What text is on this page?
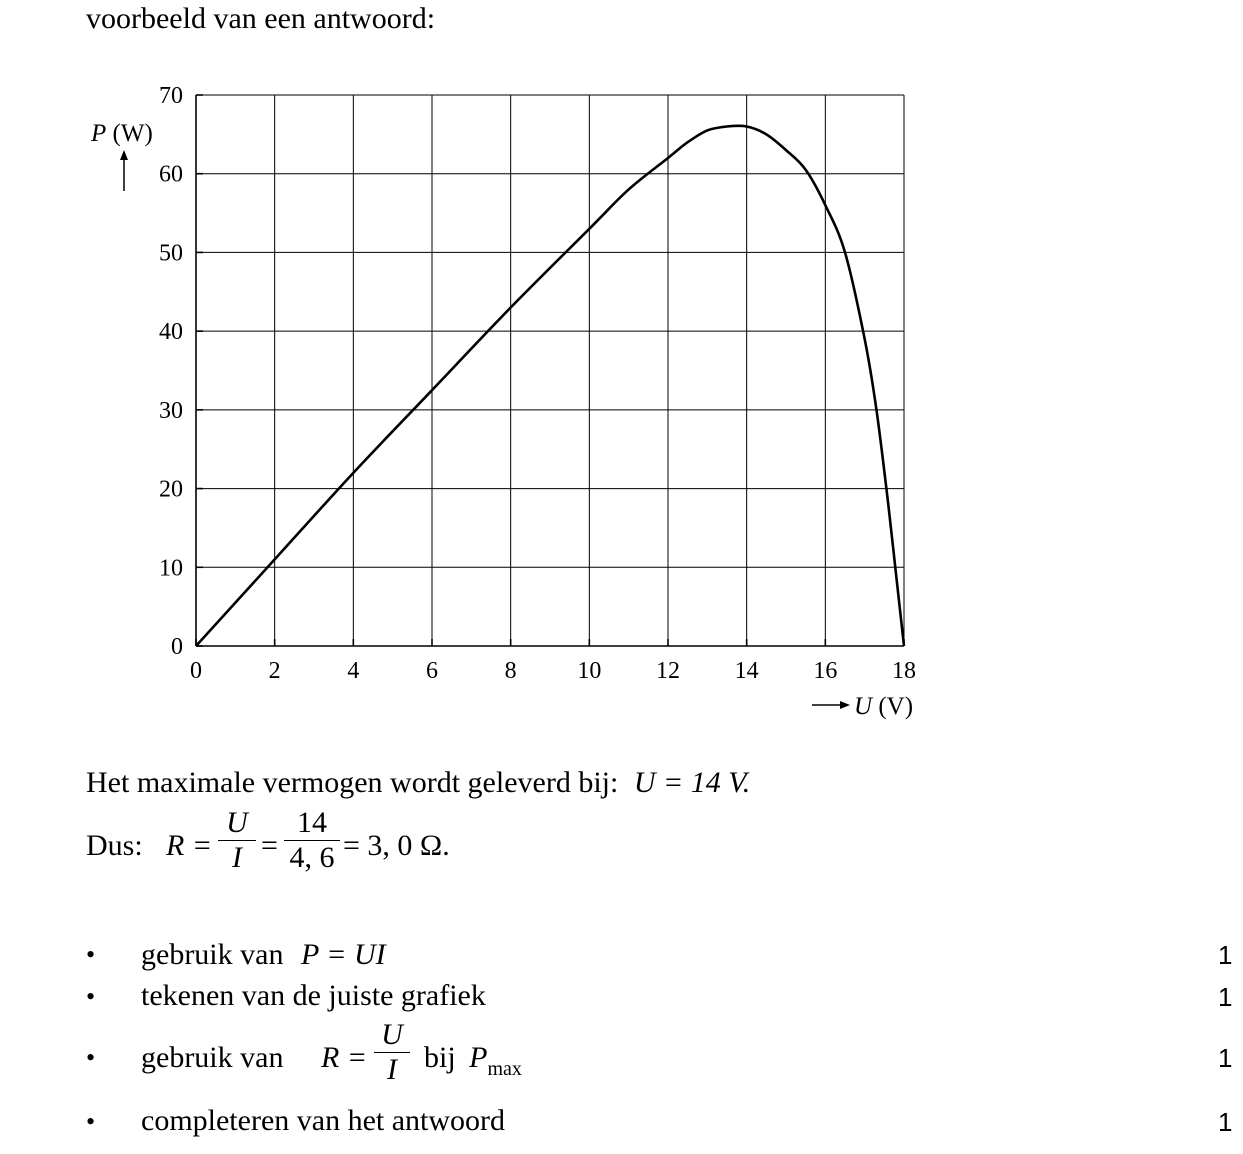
voorbeeld van een antwoord:
0	2	4	6	8	10 12 14 16 18
0
10
20
30
40
50
60
70
P (W)
U (V)
Het maximale vermogen wordt geleverd bij: U = 14 V.
Dus: R =
U
I =
14
4, 6 = 3, 0 Ω.
• gebruik van P = UI	1
• tekenen van de juiste grafiek	1
• gebruik van R =
U
I bij $P_{max}$	1
• completeren van het antwoord	1
